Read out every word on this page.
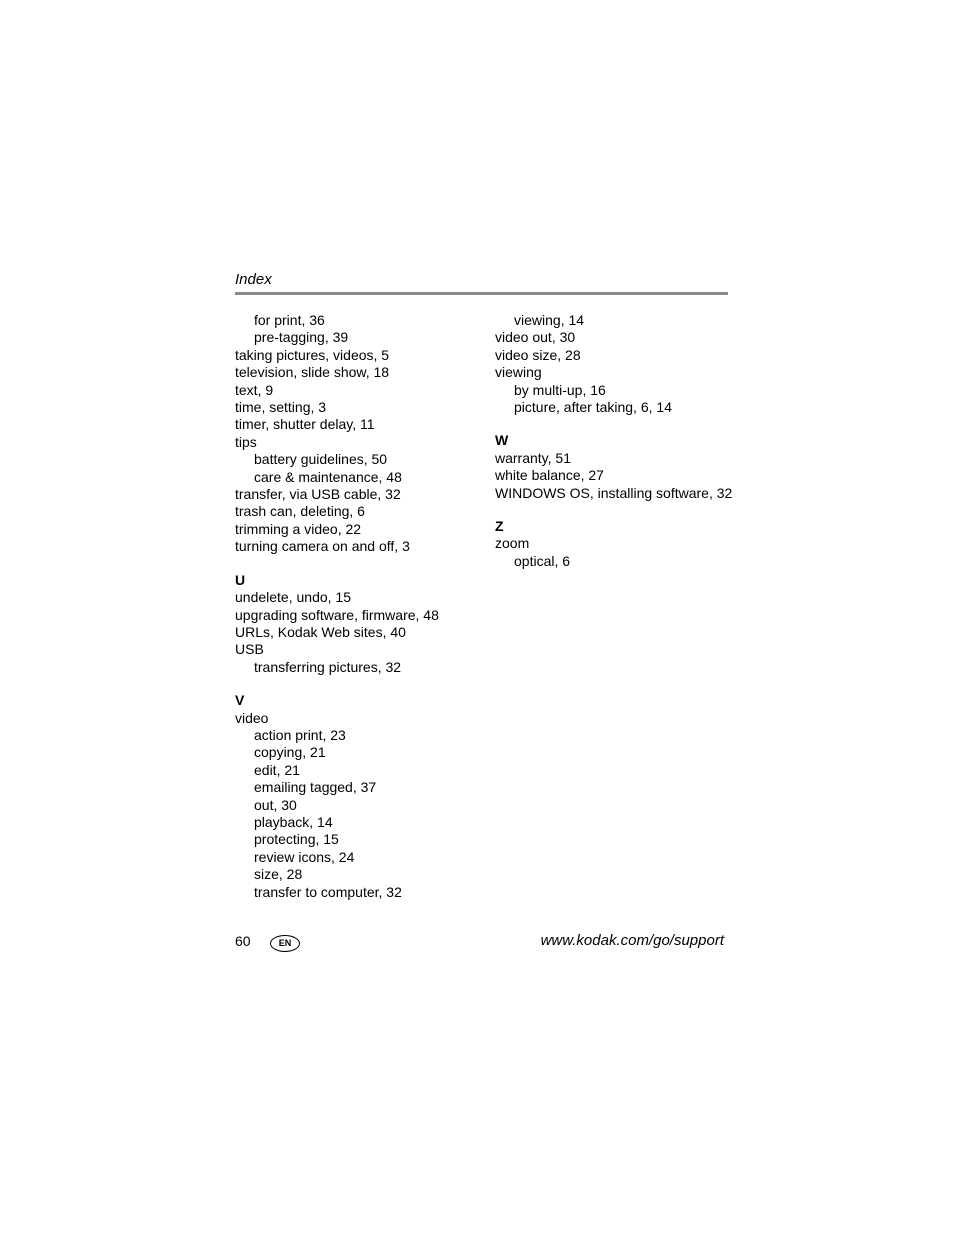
Index
for print, 36
pre-tagging, 39
taking pictures, videos, 5
television, slide show, 18
text, 9
time, setting, 3
timer, shutter delay, 11
tips
battery guidelines, 50
care & maintenance, 48
transfer, via USB cable, 32
trash can, deleting, 6
trimming a video, 22
turning camera on and off, 3
U
undelete, undo, 15
upgrading software, firmware, 48
URLs, Kodak Web sites, 40
USB
transferring pictures, 32
V
video
action print, 23
copying, 21
edit, 21
emailing tagged, 37
out, 30
playback, 14
protecting, 15
review icons, 24
size, 28
transfer to computer, 32
viewing, 14
video out, 30
video size, 28
viewing
by multi-up, 16
picture, after taking, 6, 14
W
warranty, 51
white balance, 27
WINDOWS OS, installing software, 32
Z
zoom
optical, 6
60	EN	www.kodak.com/go/support
